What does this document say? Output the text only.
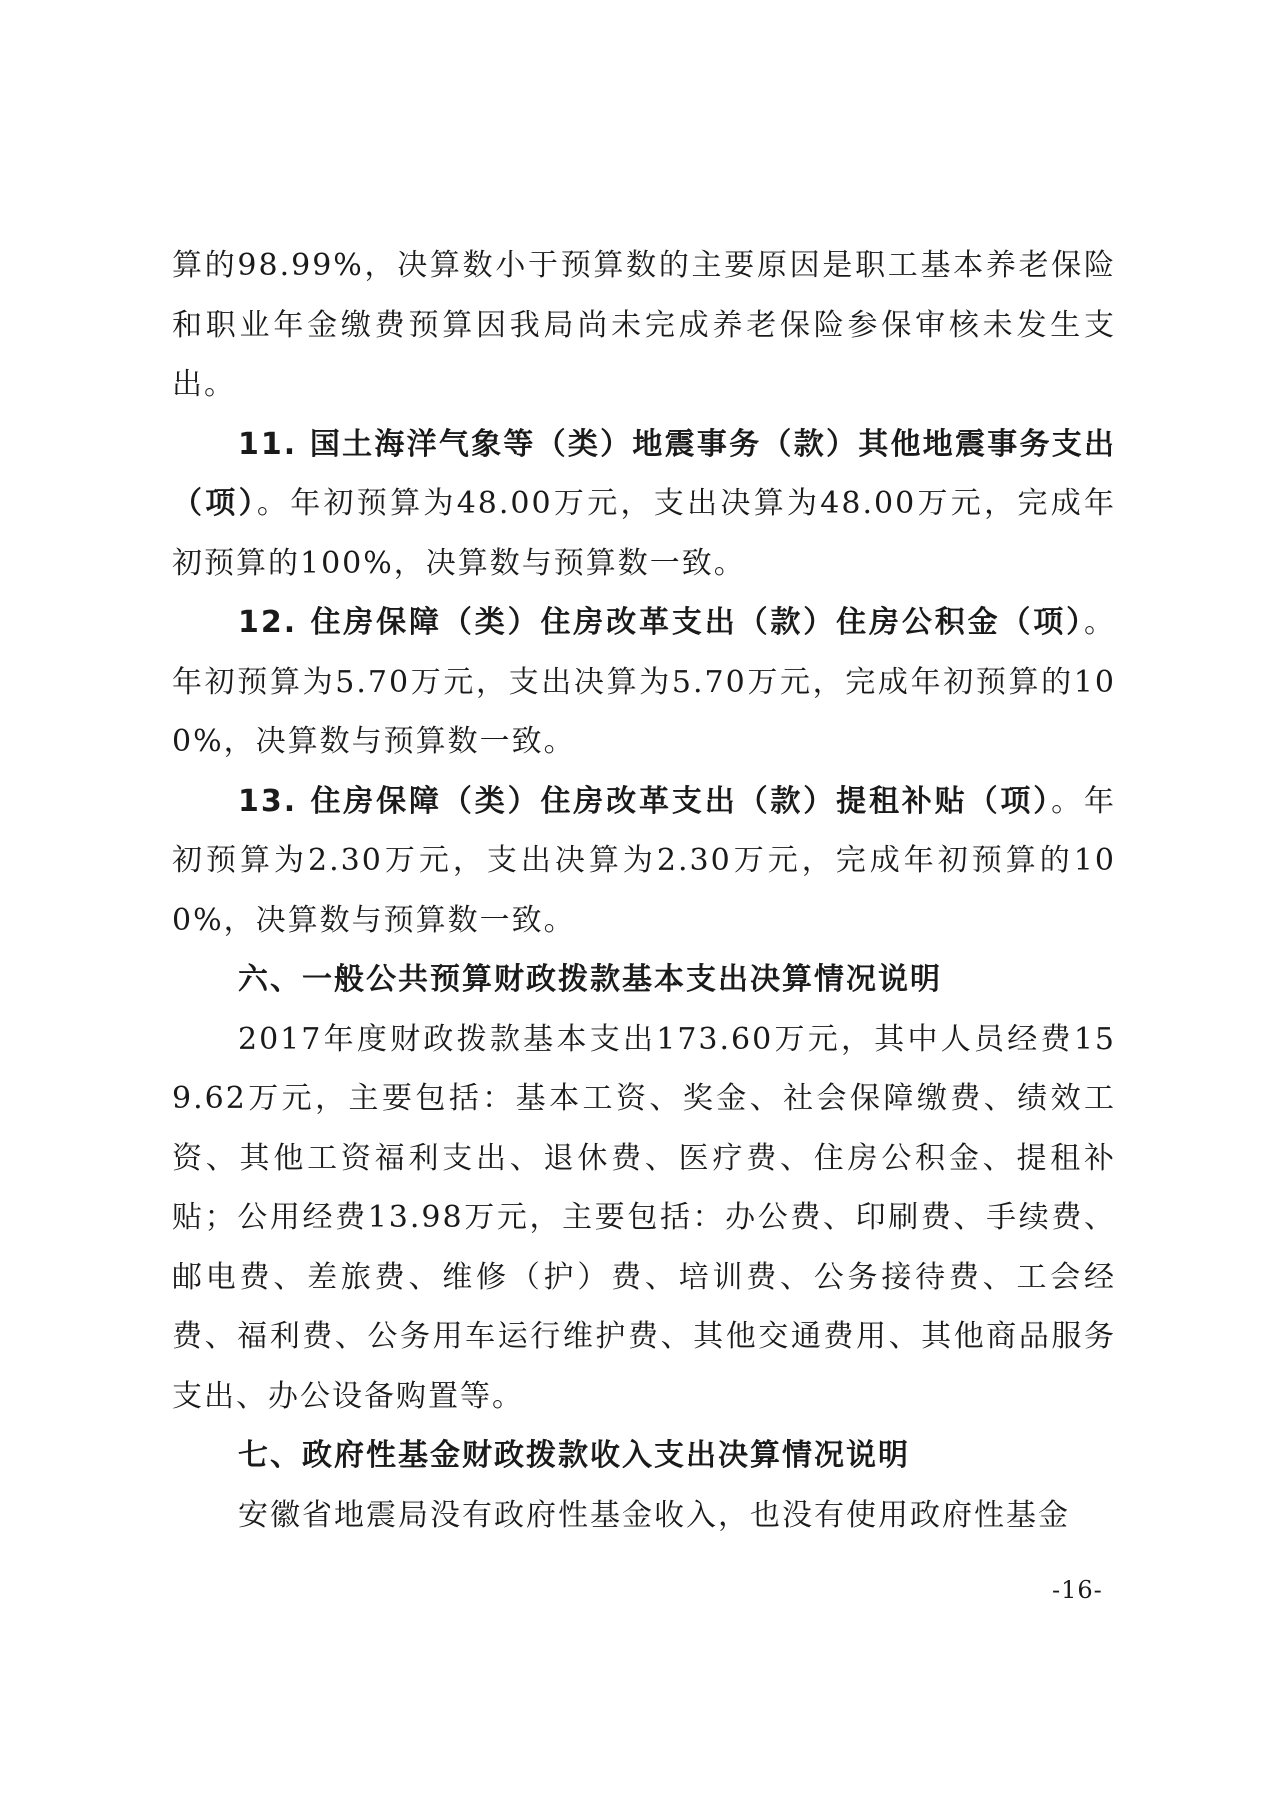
算的98.99%，决算数小于预算数的主要原因是职工基本养老保险和职业年金缴费预算因我局尚未完成养老保险参保审核未发生支出。

11. 国土海洋气象等（类）地震事务（款）其他地震事务支出（项）。年初预算为48.00万元，支出决算为48.00万元，完成年初预算的100%，决算数与预算数一致。

12. 住房保障（类）住房改革支出（款）住房公积金（项）。年初预算为5.70万元，支出决算为5.70万元，完成年初预算的100%，决算数与预算数一致。

13. 住房保障（类）住房改革支出（款）提租补贴（项）。年初预算为2.30万元，支出决算为2.30万元，完成年初预算的100%，决算数与预算数一致。

六、一般公共预算财政拨款基本支出决算情况说明

2017年度财政拨款基本支出173.60万元，其中人员经费159.62万元，主要包括：基本工资、奖金、社会保障缴费、绩效工资、其他工资福利支出、退休费、医疗费、住房公积金、提租补贴；公用经费13.98万元，主要包括：办公费、印刷费、手续费、邮电费、差旅费、维修（护）费、培训费、公务接待费、工会经费、福利费、公务用车运行维护费、其他交通费用、其他商品服务支出、办公设备购置等。

七、政府性基金财政拨款收入支出决算情况说明

安徽省地震局没有政府性基金收入，也没有使用政府性基金

-16-
